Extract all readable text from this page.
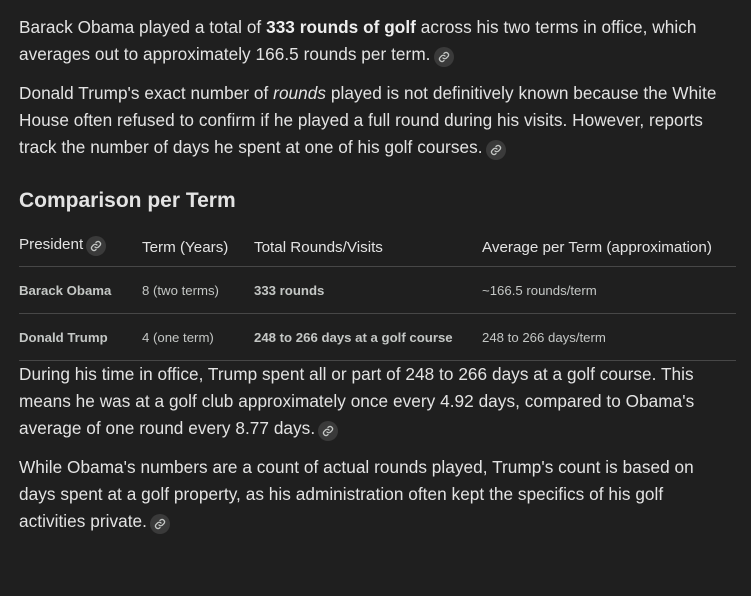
Barack Obama played a total of 333 rounds of golf across his two terms in office, which averages out to approximately 166.5 rounds per term.

Donald Trump's exact number of rounds played is not definitively known because the White House often refused to confirm if he played a full round during his visits. However, reports track the number of days he spent at one of his golf courses.

Comparison per Term
President	Term (Years)	Total Rounds/Visits	Average per Term (approximation)
Barack Obama	8 (two terms)	333 rounds	~166.5 rounds/term
Donald Trump	4 (one term)	248 to 266 days at a golf course	248 to 266 days/term

During his time in office, Trump spent all or part of 248 to 266 days at a golf course. This means he was at a golf club approximately once every 4.92 days, compared to Obama's average of one round every 8.77 days.

While Obama's numbers are a count of actual rounds played, Trump's count is based on days spent at a golf property, as his administration often kept the specifics of his golf activities private.
